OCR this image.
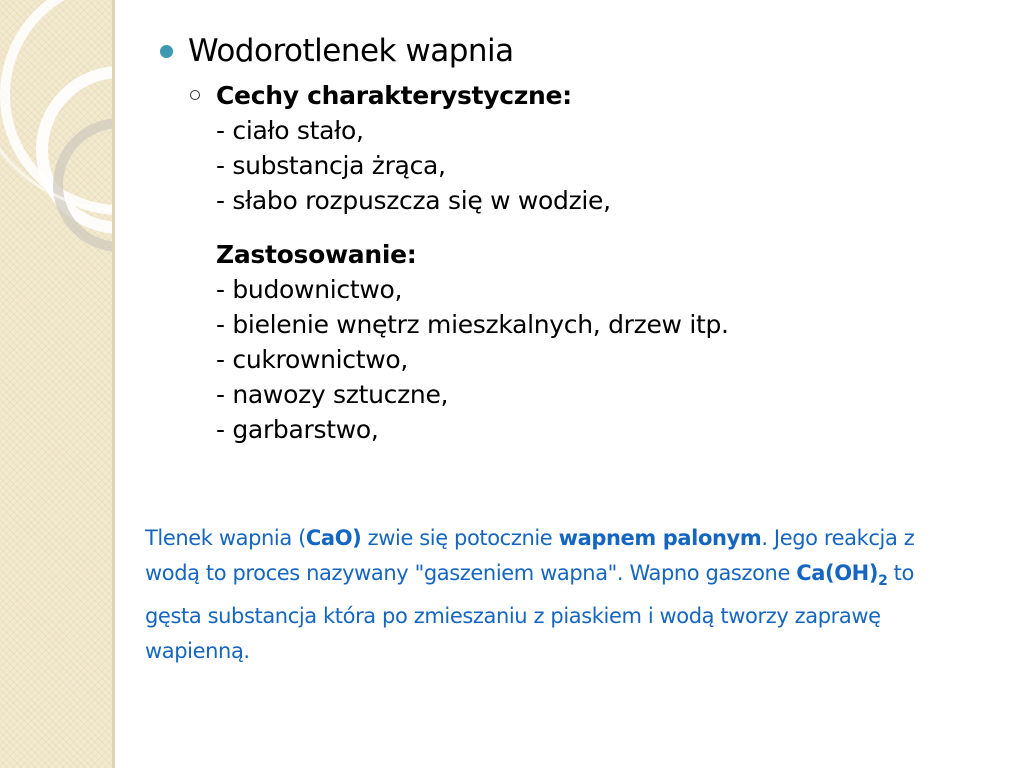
Wodorotlenek wapnia
Cechy charakterystyczne:
- ciało stało,
- substancja żrąca,
- słabo rozpuszcza się w wodzie,
Zastosowanie:
- budownictwo,
- bielenie wnętrz mieszkalnych, drzew itp.
- cukrownictwo,
- nawozy sztuczne,
- garbarstwo,
Tlenek wapnia (CaO) zwie się potocznie wapnem palonym. Jego reakcja z wodą to proces nazywany "gaszeniem wapna". Wapno gaszone $Ca(OH)_2$ to gęsta substancja która po zmieszaniu z piaskiem i wodą tworzy zaprawę wapienną.
